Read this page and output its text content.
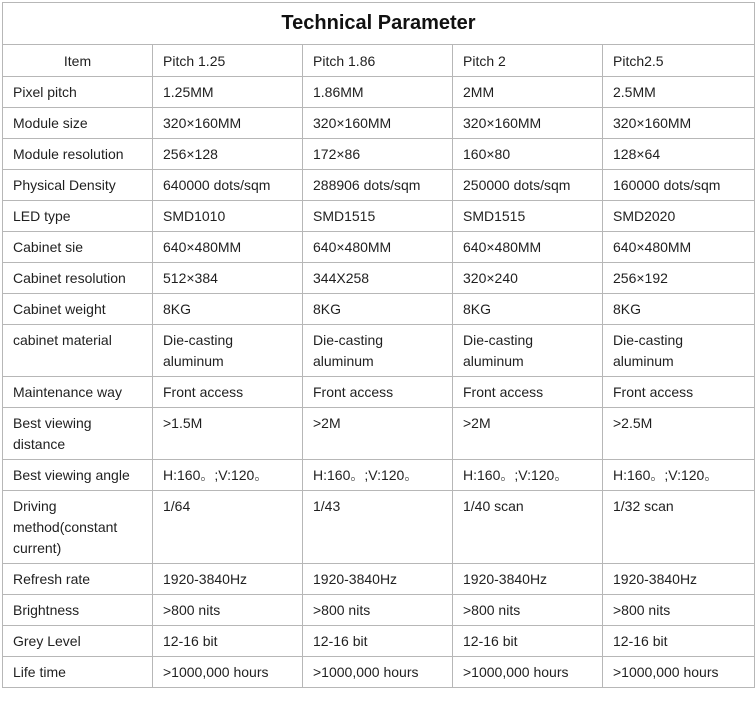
Technical Parameter				
Item	Pitch 1.25	Pitch 1.86	Pitch 2	Pitch2.5
Pixel pitch	1.25MM	1.86MM	2MM	2.5MM
Module size	320×160MM	320×160MM	320×160MM	320×160MM
Module resolution	256×128	172×86	160×80	128×64
Physical Density	640000 dots/sqm	288906 dots/sqm	250000 dots/sqm	160000 dots/sqm
LED type	SMD1010	SMD1515	SMD1515	SMD2020
Cabinet sie	640×480MM	640×480MM	640×480MM	640×480MM
Cabinet resolution	512×384	344X258	320×240	256×192
Cabinet weight	8KG	8KG	8KG	8KG
cabinet material	Die-casting aluminum	Die-casting aluminum	Die-casting aluminum	Die-casting aluminum
Maintenance way	Front access	Front access	Front access	Front access
Best viewing distance	>1.5M	>2M	>2M	>2.5M
Best viewing angle	H:160。;V:120。	H:160。;V:120。	H:160。;V:120。	H:160。;V:120。
Driving method(constant current)	1/64	1/43	1/40 scan	1/32 scan
Refresh rate	1920-3840Hz	1920-3840Hz	1920-3840Hz	1920-3840Hz
Brightness	>800 nits	>800 nits	>800 nits	>800 nits
Grey Level	12-16 bit	12-16 bit	12-16 bit	12-16 bit
Life time	>1000,000 hours	>1000,000 hours	>1000,000 hours	>1000,000 hours
